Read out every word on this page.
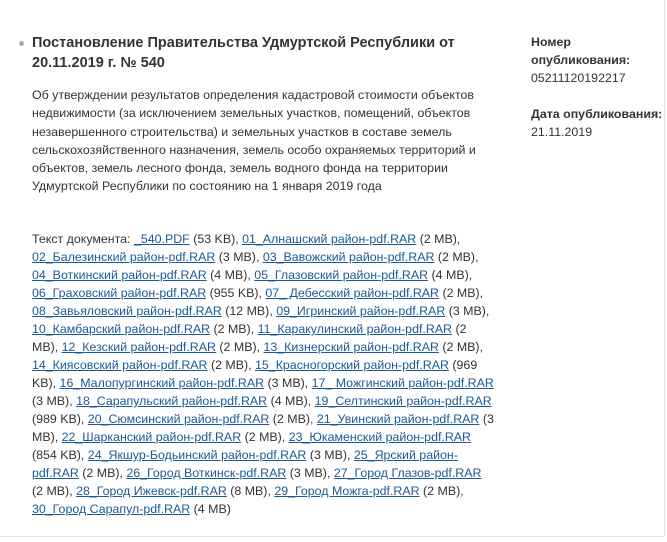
Постановление Правительства Удмуртской Республики от 20.11.2019 г. № 540

Об утверждении результатов определения кадастровой стоимости объектов недвижимости (за исключением земельных участков, помещений, объектов незавершенного строительства) и земельных участков в составе земель сельскохозяйственного назначения, земель особо охраняемых территорий и объектов, земель лесного фонда, земель водного фонда на территории Удмуртской Республики по состоянию на 1 января 2019 года

Номер опубликования:
05211120192217
Дата опубликования:
21.11.2019

Текст документа: _540.PDF (53 KB), 01_Алнашский район-pdf.RAR (2 MB), 02_Балезинский район-pdf.RAR (3 MB), 03_Вавожский район-pdf.RAR (2 MB), 04_Воткинский район-pdf.RAR (4 MB), 05_Глазовский район-pdf.RAR (4 MB), 06_Граховский район-pdf.RAR (955 KB), 07_ Дебесский район-pdf.RAR (2 MB), 08_Завьяловский район-pdf.RAR (12 MB), 09_Игринский район-pdf.RAR (3 MB), 10_Камбарский район-pdf.RAR (2 MB), 11_Каракулинский район-pdf.RAR (2 MB), 12_Кезский район-pdf.RAR (2 MB), 13_Кизнерский район-pdf.RAR (2 MB), 14_Киясовский район-pdf.RAR (2 MB), 15_Красногорский район-pdf.RAR (969 KB), 16_Малопургинский район-pdf.RAR (3 MB), 17_ Можгинский район-pdf.RAR (3 MB), 18_Сарапульский район-pdf.RAR (4 MB), 19_Селтинский район-pdf.RAR (989 KB), 20_Сюмсинский район-pdf.RAR (2 MB), 21_Увинский район-pdf.RAR (3 MB), 22_Шарканский район-pdf.RAR (2 MB), 23_Юкаменский район-pdf.RAR (854 KB), 24_Якшур-Бодьинский район-pdf.RAR (3 MB), 25_Ярский район-pdf.RAR (2 MB), 26_Город Воткинск-pdf.RAR (3 MB), 27_Город Глазов-pdf.RAR (2 MB), 28_Город Ижевск-pdf.RAR (8 MB), 29_Город Можга-pdf.RAR (2 MB), 30_Город Сарапул-pdf.RAR (4 MB)
